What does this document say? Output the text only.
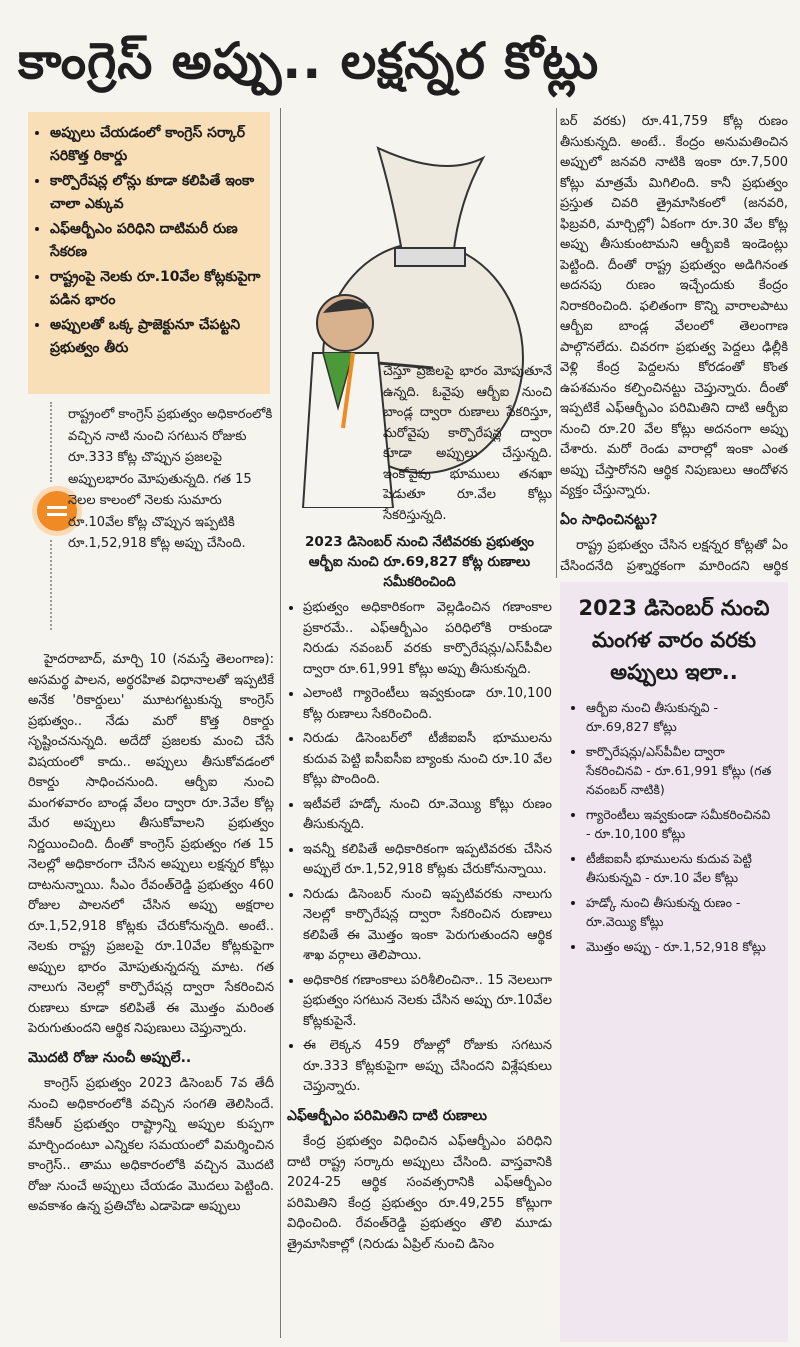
కాంగ్రెస్ అప్పు.. లక్షన్నర కోట్లు
• అప్పులు చేయడంలో కాంగ్రెస్ సర్కార్ సరికొత్త రికార్డు
• కార్పొరేషన్ల లోన్లు కూడా కలిపితే ఇంకా చాలా ఎక్కువ
• ఎఫ్ఆర్బీఎం పరిధిని దాటిమరీ రుణ సేకరణ
• రాష్ట్రంపై నెలకు రూ.10వేల కోట్లకుపైగా పడిన భారం
• అప్పులతో ఒక్క ప్రాజెక్టునూ చేపట్టని ప్రభుత్వం తీరు
రాష్ట్రంలో కాంగ్రెస్ ప్రభుత్వం అధికారంలోకి వచ్చిన నాటి నుంచి సగటున రోజుకు రూ.333 కోట్ల చొప్పున ప్రజలపై అప్పులభారం మోపుతున్నది. గత 15 నెలల కాలంలో నెలకు సుమారు రూ.10వేల కోట్ల చొప్పున ఇప్పటికి రూ.1,52,918 కోట్ల అప్పు చేసింది.

హైదరాబాద్, మార్చి 10 (నమస్తే తెలంగాణ): అసమర్థ పాలన, అర్థరహిత విధానాలతో ఇప్పటికే అనేక 'రికార్డులు' మూటగట్టుకున్న కాంగ్రెస్ ప్రభుత్వం.. నేడు మరో కొత్త రికార్డు సృష్టించనున్నది. అదేదో ప్రజలకు మంచి చేసే విషయంలో కాదు.. అప్పులు తీసుకోవడంలో రికార్డు సాధించనుంది. ఆర్బీఐ నుంచి మంగళవారం బాండ్ల వేలం ద్వారా రూ.3వేల కోట్ల మేర అప్పులు తీసుకోవాలని ప్రభుత్వం నిర్ణయించింది. దీంతో కాంగ్రెస్ ప్రభుత్వం గత 15 నెలల్లో అధికారంగా చేసిన అప్పులు లక్షన్నర కోట్లు దాటనున్నాయి. సీఎం రేవంత్‌రెడ్డి ప్రభుత్వం 460 రోజుల పాలనలో చేసిన అప్పు అక్షరాల రూ.1,52,918 కోట్లకు చేరుకోనున్నది. అంటే.. నెలకు రాష్ట్ర ప్రజలపై రూ.10వేల కోట్లకుపైగా అప్పుల భారం మోపుతున్నదన్న మాట. గత నాలుగు నెలల్లో కార్పొరేషన్ల ద్వారా సేకరించిన రుణాలు కూడా కలిపితే ఈ మొత్తం మరింత పెరుగుతుందని ఆర్థిక నిపుణులు చెప్తున్నారు.

మొదటి రోజు నుంచీ అప్పులే..

కాంగ్రెస్ ప్రభుత్వం 2023 డిసెంబర్ 7వ తేదీ నుంచి అధికారంలోకి వచ్చిన సంగతి తెలిసిందే. కేసీఆర్ ప్రభుత్వం రాష్ట్రాన్ని అప్పుల కుప్పగా మార్చిందంటూ ఎన్నికల సమయంలో విమర్శించిన కాంగ్రెస్.. తాము అధికారంలోకి వచ్చిన మొదటి రోజు నుంచే అప్పులు చేయడం మొదలు పెట్టింది. అవకాశం ఉన్న ప్రతిచోట ఎడాపెడా అప్పులు

చేస్తూ ప్రజలపై భారం మోపుతూనే ఉన్నది. ఓవైపు ఆర్బీఐ నుంచి బాండ్ల ద్వారా రుణాలు సేకరిస్తూ, మరోవైపు కార్పొరేషన్ల ద్వారా కూడా అప్పులు చేస్తున్నది. ఇంకోవైపు భూములు తనఖా పెడుతూ రూ.వేల కోట్లు సేకరిస్తున్నది.

2023 డిసెంబర్ నుంచి నేటివరకు ప్రభుత్వం ఆర్బీఐ నుంచి రూ.69,827 కోట్ల రుణాలు సమీకరించింది
• ప్రభుత్వం అధికారికంగా వెల్లడించిన గణాంకాల ప్రకారమే.. ఎఫ్ఆర్బీఎం పరిధిలోకి రాకుండా నిరుడు నవంబర్ వరకు కార్పొరేషన్లు/ఎస్‌పీవీల ద్వారా రూ.61,991 కోట్లు అప్పు తీసుకున్నది.
• ఎలాంటి గ్యారెంటీలు ఇవ్వకుండా రూ.10,100 కోట్ల రుణాలు సేకరించింది.
• నిరుడు డిసెంబర్‌లో టీజీఐఐసీ భూములను కుదువ పెట్టి ఐసీఐసీఐ బ్యాంకు నుంచి రూ.10 వేల కోట్లు పొందింది.
• ఇటీవలే హడ్కో నుంచి రూ.వెయ్యి కోట్లు రుణం తీసుకున్నది.
• ఇవన్నీ కలిపితే అధికారికంగా ఇప్పటివరకు చేసిన అప్పులే రూ.1,52,918 కోట్లకు చేరుకోనున్నాయి.
• నిరుడు డిసెంబర్ నుంచి ఇప్పటివరకు నాలుగు నెలల్లో కార్పొరేషన్ల ద్వారా సేకరించిన రుణాలు కలిపితే ఈ మొత్తం ఇంకా పెరుగుతుందని ఆర్థిక శాఖ వర్గాలు తెలిపాయి.
• అధికారిక గణాంకాలు పరిశీలించినా.. 15 నెలలుగా ప్రభుత్వం సగటున నెలకు చేసిన అప్పు రూ.10వేల కోట్లకుపైనే.
• ఈ లెక్కన 459 రోజుల్లో రోజుకు సగటున రూ.333 కోట్లకుపైగా అప్పు చేసిందని విశ్లేషకులు చెప్తున్నారు.
ఎఫ్ఆర్బీఎం పరిమితిని దాటి రుణాలు

కేంద్ర ప్రభుత్వం విధించిన ఎఫ్ఆర్బీఎం పరిధిని దాటి రాష్ట్ర సర్కారు అప్పులు చేసింది. వాస్తవానికి 2024-25 ఆర్థిక సంవత్సరానికి ఎఫ్ఆర్బీఎం పరిమితిని కేంద్ర ప్రభుత్వం రూ.49,255 కోట్లుగా విధించింది. రేవంత్‌రెడ్డి ప్రభుత్వం తొలి మూడు త్రైమాసికాల్లో (నిరుడు ఏప్రిల్ నుంచి డిసెం

బర్ వరకు) రూ.41,759 కోట్ల రుణం తీసుకున్నది. అంటే.. కేంద్రం అనుమతించిన అప్పులో జనవరి నాటికి ఇంకా రూ.7,500 కోట్లు మాత్రమే మిగిలింది. కానీ ప్రభుత్వం ప్రస్తుత చివరి త్రైమాసికంలో (జనవరి, ఫిబ్రవరి, మార్చిల్లో) ఏకంగా రూ.30 వేల కోట్ల అప్పు తీసుకుంటామని ఆర్బీఐకి ఇండెంట్లు పెట్టింది. దీంతో రాష్ట్ర ప్రభుత్వం అడిగినంత అదనపు రుణం ఇచ్చేందుకు కేంద్రం నిరాకరించింది. ఫలితంగా కొన్ని వారాలపాటు ఆర్బీఐ బాండ్ల వేలంలో తెలంగాణ పాల్గొనలేదు. చివరగా ప్రభుత్వ పెద్దలు ఢిల్లీకి వెళ్లి కేంద్ర పెద్దలను కోరడంతో కొంత ఉపశమనం కల్పించినట్టు చెప్తున్నారు. దీంతో ఇప్పటికే ఎఫ్ఆర్బీఎం పరిమితిని దాటి ఆర్బీఐ నుంచి రూ.20 వేల కోట్లు అదనంగా అప్పు చేశారు. మరో రెండు వారాల్లో ఇంకా ఎంత అప్పు చేస్తారోనని ఆర్థిక నిపుణులు ఆందోళన వ్యక్తం చేస్తున్నారు.

ఏం సాధించినట్టు?

రాష్ట్ర ప్రభుత్వం చేసిన లక్షన్నర కోట్లతో ఏం చేసిందనేది ప్రశ్నార్థకంగా మారిందని ఆర్థిక

2023 డిసెంబర్ నుంచి మంగళ వారం వరకు అప్పులు ఇలా..
• ఆర్బీఐ నుంచి తీసుకున్నవి - రూ.69,827 కోట్లు
• కార్పొరేషన్లు/ఎస్‌పీవీల ద్వారా సేకరించినవి - రూ.61,991 కోట్లు (గత నవంబర్ నాటికి)
• గ్యారెంటీలు ఇవ్వకుండా సమీకరించినవి - రూ.10,100 కోట్లు
• టీజీఐఐసీ భూములను కుదువ పెట్టి తీసుకున్నవి - రూ.10 వేల కోట్లు
• హడ్కో నుంచి తీసుకున్న రుణం - రూ.వెయ్యి కోట్లు
• మొత్తం అప్పు - రూ.1,52,918 కోట్లు
